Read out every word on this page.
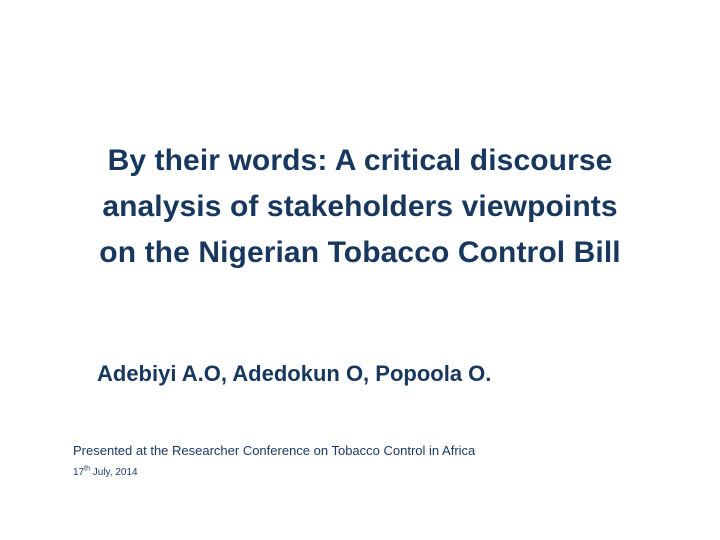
By their words: A critical discourse
analysis of stakeholders viewpoints
on the Nigerian Tobacco Control Bill
Adebiyi A.O, Adedokun O, Popoola O.
Presented at the Researcher Conference on Tobacco Control in Africa
17th July, 2014
